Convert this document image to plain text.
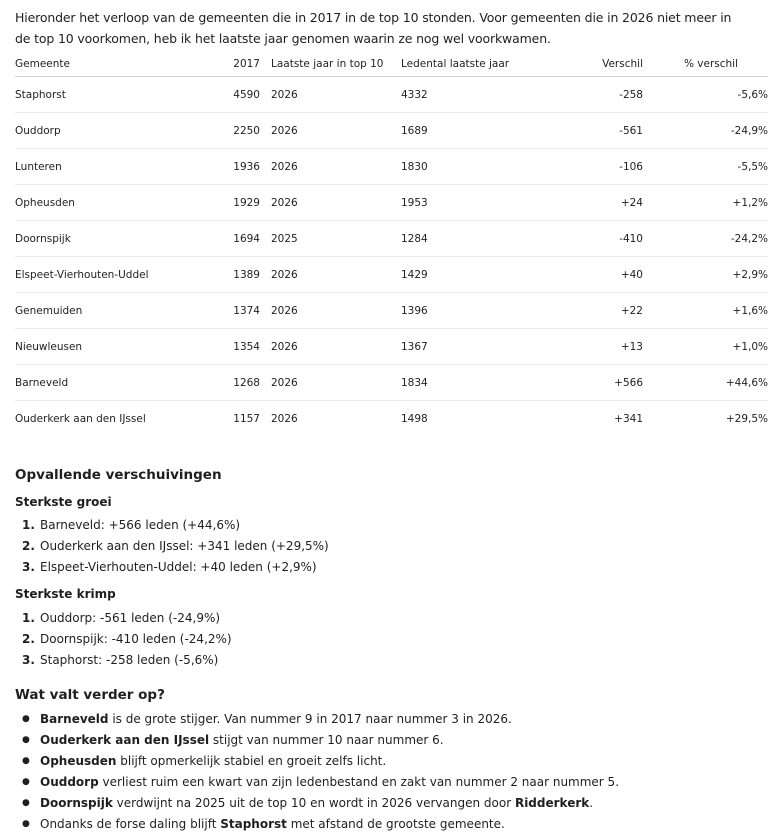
Hieronder het verloop van de gemeenten die in 2017 in de top 10 stonden. Voor gemeenten die in 2026 niet meer in de top 10 voorkomen, heb ik het laatste jaar genomen waarin ze nog wel voorkwamen.
Gemeente	2017	Laatste jaar in top 10	Ledental laatste jaar	Verschil	% verschil
Staphorst	4590	2026	4332	-258	-5,6%
Ouddorp	2250	2026	1689	-561	-24,9%
Lunteren	1936	2026	1830	-106	-5,5%
Opheusden	1929	2026	1953	+24	+1,2%
Doornspijk	1694	2025	1284	-410	-24,2%
Elspeet-Vierhouten-Uddel	1389	2026	1429	+40	+2,9%
Genemuiden	1374	2026	1396	+22	+1,6%
Nieuwleusen	1354	2026	1367	+13	+1,0%
Barneveld	1268	2026	1834	+566	+44,6%
Ouderkerk aan den IJssel	1157	2026	1498	+341	+29,5%
Opvallende verschuivingen
Sterkste groei
1. Barneveld: +566 leden (+44,6%)
2. Ouderkerk aan den IJssel: +341 leden (+29,5%)
3. Elspeet-Vierhouten-Uddel: +40 leden (+2,9%)
Sterkste krimp
1. Ouddorp: -561 leden (-24,9%)
2. Doornspijk: -410 leden (-24,2%)
3. Staphorst: -258 leden (-5,6%)
Wat valt verder op?
● Barneveld is de grote stijger. Van nummer 9 in 2017 naar nummer 3 in 2026.
● Ouderkerk aan den IJssel stijgt van nummer 10 naar nummer 6.
● Opheusden blijft opmerkelijk stabiel en groeit zelfs licht.
● Ouddorp verliest ruim een kwart van zijn ledenbestand en zakt van nummer 2 naar nummer 5.
● Doornspijk verdwijnt na 2025 uit de top 10 en wordt in 2026 vervangen door Ridderkerk.
● Ondanks de forse daling blijft Staphorst met afstand de grootste gemeente.
